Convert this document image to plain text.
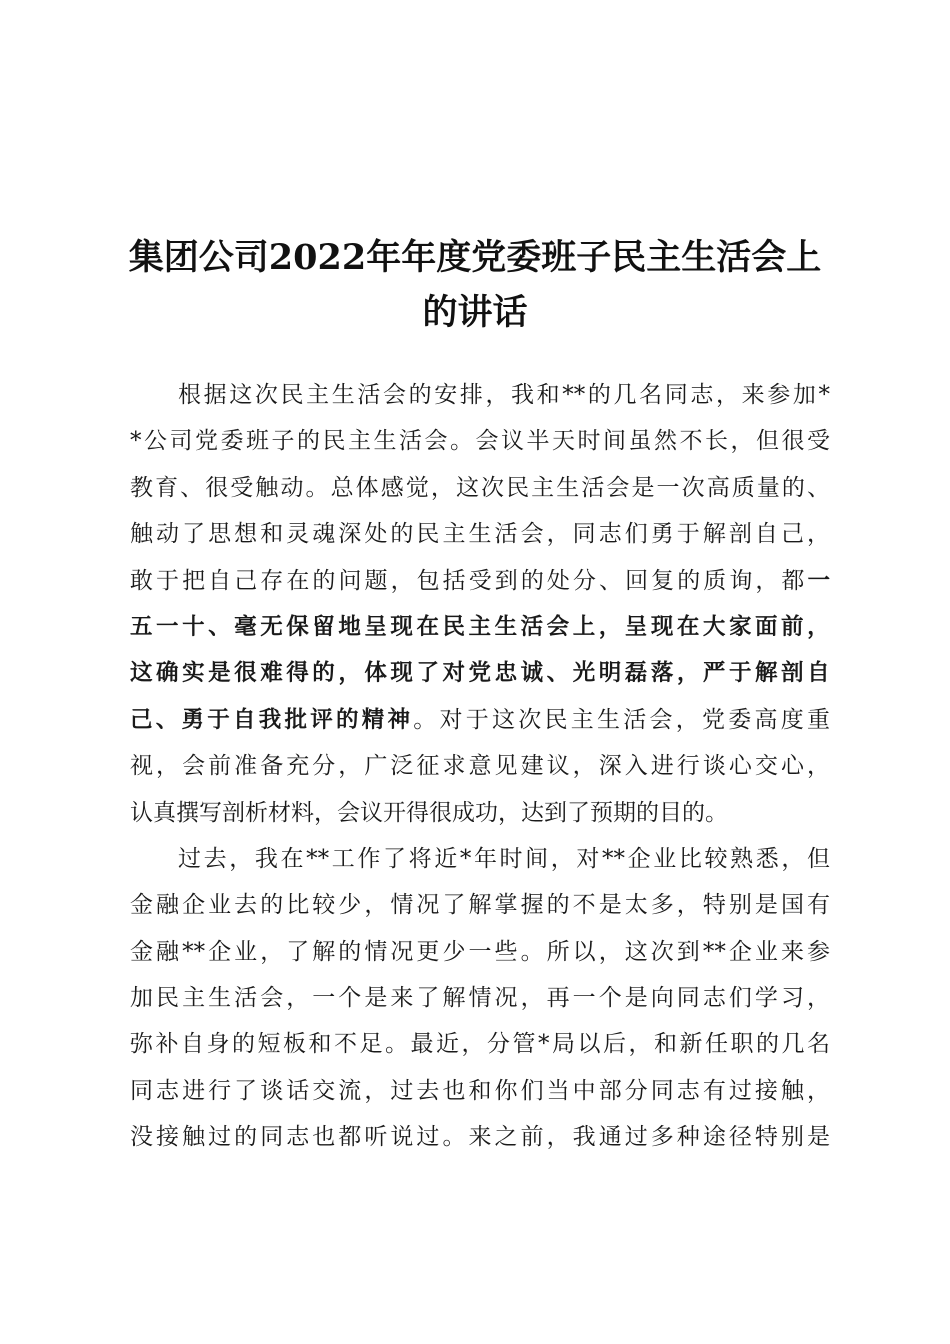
集团公司2022年年度党委班子民主生活会上
的讲话
根据这次民主生活会的安排，我和**的几名同志，来参加*
*公司党委班子的民主生活会。会议半天时间虽然不长，但很受
教育、很受触动。总体感觉，这次民主生活会是一次高质量的、
触动了思想和灵魂深处的民主生活会，同志们勇于解剖自己，
敢于把自己存在的问题，包括受到的处分、回复的质询，都一
五一十、毫无保留地呈现在民主生活会上，呈现在大家面前，
这确实是很难得的，体现了对党忠诚、光明磊落，严于解剖自
己、勇于自我批评的精神。对于这次民主生活会，党委高度重
视，会前准备充分，广泛征求意见建议，深入进行谈心交心，
认真撰写剖析材料，会议开得很成功，达到了预期的目的。
过去，我在**工作了将近*年时间，对**企业比较熟悉，但
金融企业去的比较少，情况了解掌握的不是太多，特别是国有
金融**企业，了解的情况更少一些。所以，这次到**企业来参
加民主生活会，一个是来了解情况，再一个是向同志们学习，
弥补自身的短板和不足。最近，分管*局以后，和新任职的几名
同志进行了谈话交流，过去也和你们当中部分同志有过接触，
没接触过的同志也都听说过。来之前，我通过多种途径特别是
